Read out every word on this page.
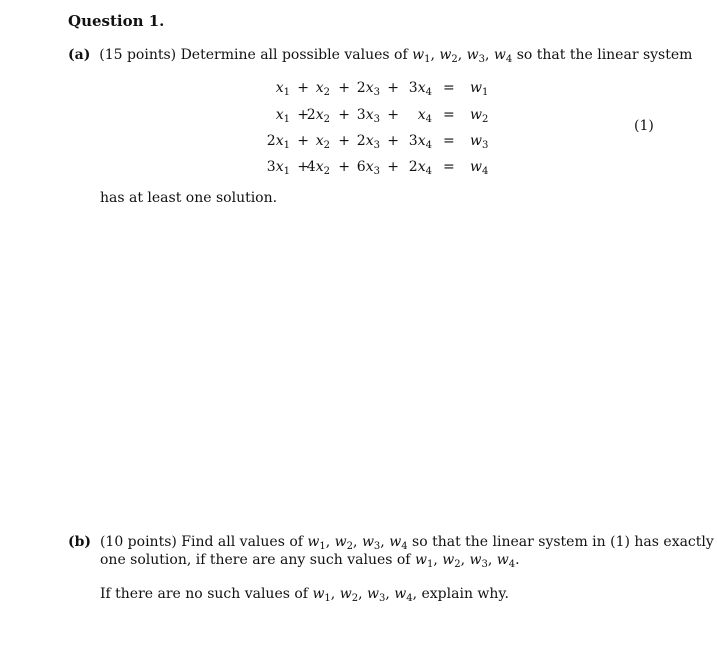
Question 1.
(a) (15 points) Determine all possible values of $w_1$, $w_2$, $w_3$, $w_4$ so that the linear system
$x_1 + x_2 + 2x_3 + 3x_4 = w_1$
$x_1$ +
$2x_2 + 3x_3 + x_4 = w_2$
$2x_1 + x_2 + 2x_3 + 3x_4 = w_3$
$3x_1$ +
$4x_2 + 6x_3 + 2x_4 = w_4$
(1)
has at least one solution.
(b) (10 points) Find all values of $w_1$, $w_2$, $w_3$, $w_4$ so that the linear system in (1) has exactly
one solution, if there are any such values of $w_1$, $w_2$, $w_3$, $w_4$.
If there are no such values of $w_1$, $w_2$, $w_3$, $w_4$, explain why.
